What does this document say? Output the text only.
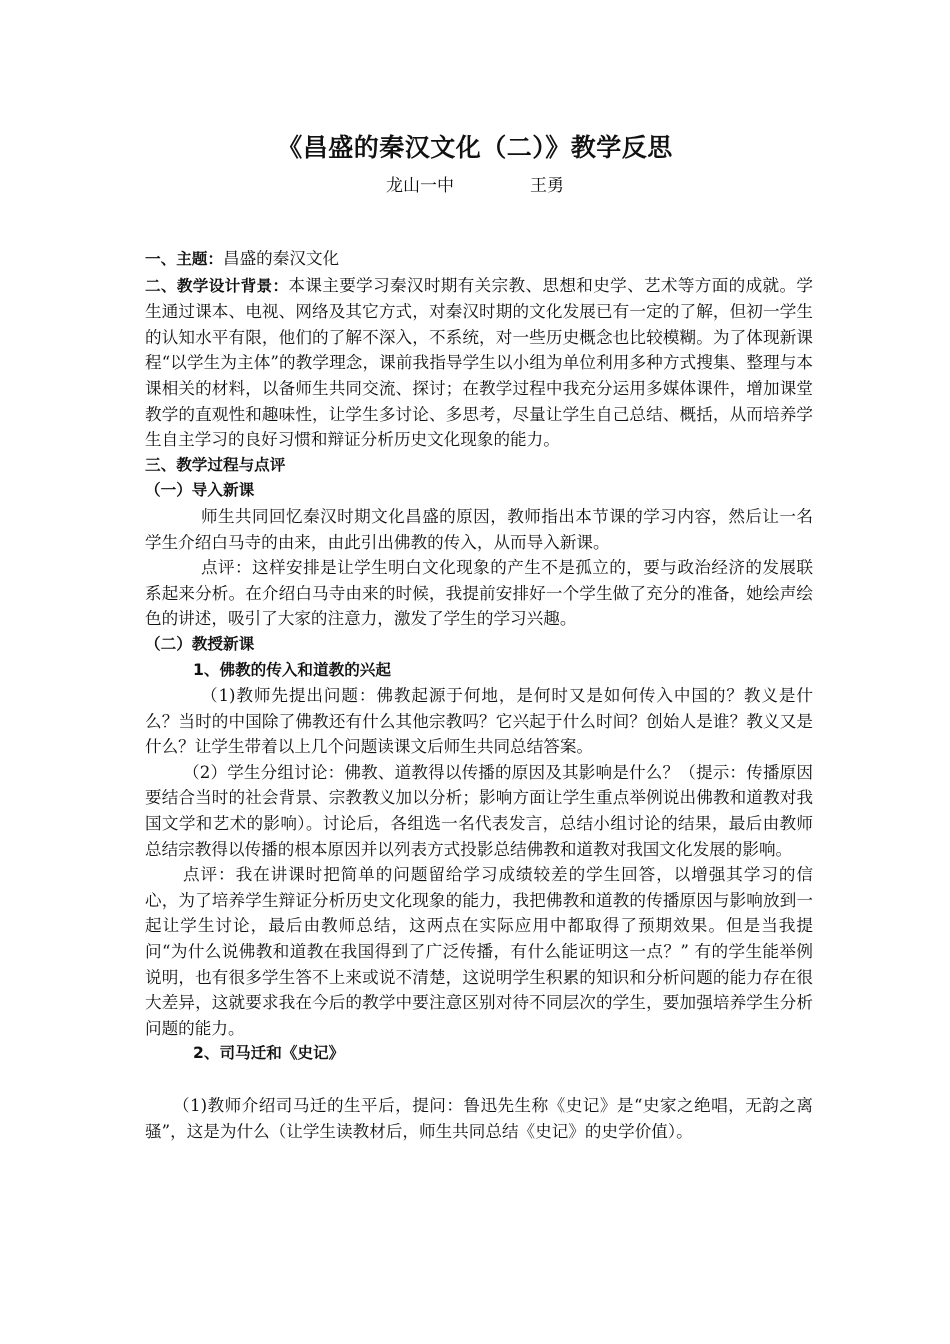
《昌盛的秦汉文化（二）》教学反思
龙山一中	王勇

一、主题：昌盛的秦汉文化

二、教学设计背景：本课主要学习秦汉时期有关宗教、思想和史学、艺术等方面的成就。学生通过课本、电视、网络及其它方式，对秦汉时期的文化发展已有一定的了解，但初一学生的认知水平有限，他们的了解不深入，不系统，对一些历史概念也比较模糊。为了体现新课程“以学生为主体”的教学理念，课前我指导学生以小组为单位利用多种方式搜集、整理与本课相关的材料，以备师生共同交流、探讨；在教学过程中我充分运用多媒体课件，增加课堂教学的直观性和趣味性，让学生多讨论、多思考，尽量让学生自己总结、概括，从而培养学生自主学习的良好习惯和辩证分析历史文化现象的能力。

三、教学过程与点评

（一）导入新课

师生共同回忆秦汉时期文化昌盛的原因，教师指出本节课的学习内容，然后让一名学生介绍白马寺的由来，由此引出佛教的传入，从而导入新课。

点评：这样安排是让学生明白文化现象的产生不是孤立的，要与政治经济的发展联系起来分析。在介绍白马寺由来的时候，我提前安排好一个学生做了充分的准备，她绘声绘色的讲述，吸引了大家的注意力，激发了学生的学习兴趣。

（二）教授新课

1、佛教的传入和道教的兴起

（1)教师先提出问题：佛教起源于何地，是何时又是如何传入中国的？教义是什么？当时的中国除了佛教还有什么其他宗教吗？它兴起于什么时间？创始人是谁？教义又是什么？让学生带着以上几个问题读课文后师生共同总结答案。

（2）学生分组讨论：佛教、道教得以传播的原因及其影响是什么？（提示：传播原因要结合当时的社会背景、宗教教义加以分析；影响方面让学生重点举例说出佛教和道教对我国文学和艺术的影响）。讨论后，各组选一名代表发言，总结小组讨论的结果，最后由教师总结宗教得以传播的根本原因并以列表方式投影总结佛教和道教对我国文化发展的影响。

点评：我在讲课时把简单的问题留给学习成绩较差的学生回答，以增强其学习的信心，为了培养学生辩证分析历史文化现象的能力，我把佛教和道教的传播原因与影响放到一起让学生讨论，最后由教师总结，这两点在实际应用中都取得了预期效果。但是当我提问“为什么说佛教和道教在我国得到了广泛传播，有什么能证明这一点？” 有的学生能举例说明，也有很多学生答不上来或说不清楚，这说明学生积累的知识和分析问题的能力存在很大差异，这就要求我在今后的教学中要注意区别对待不同层次的学生，要加强培养学生分析问题的能力。

2、司马迁和《史记》

（1)教师介绍司马迁的生平后，提问：鲁迅先生称《史记》是“史家之绝唱，无韵之离骚”，这是为什么（让学生读教材后，师生共同总结《史记》的史学价值）。
